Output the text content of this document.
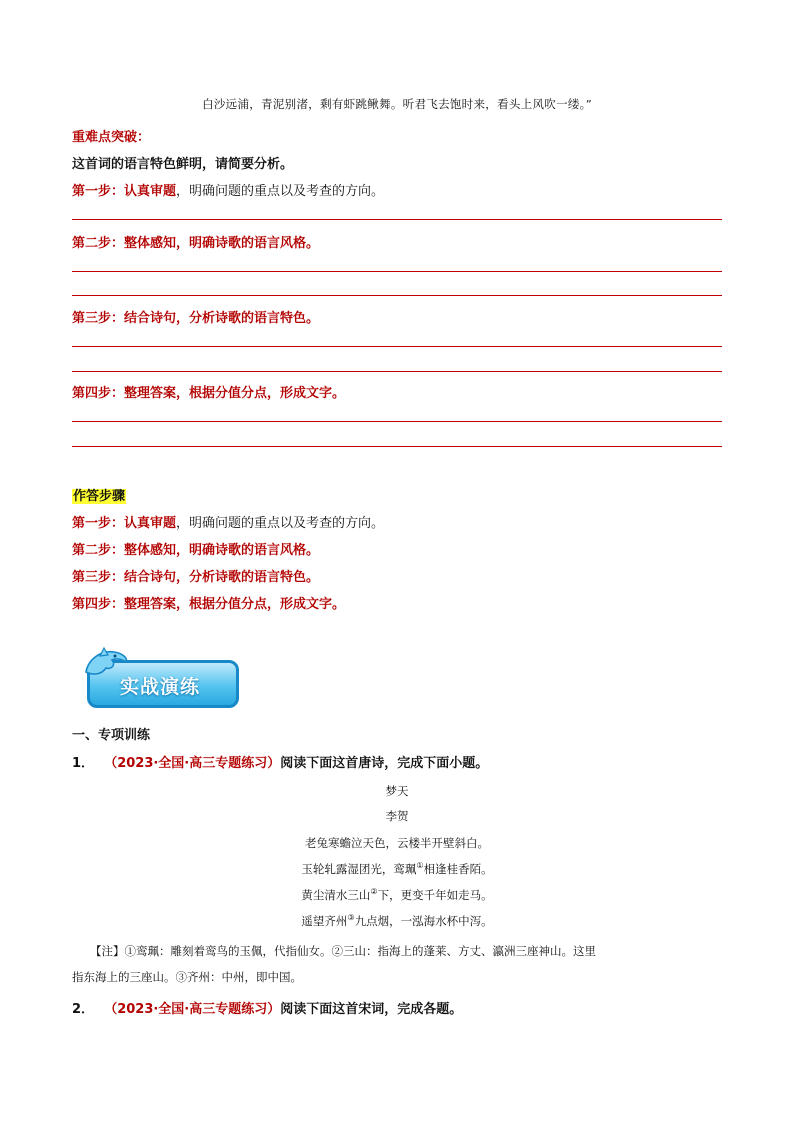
白沙远浦，青泥别渚，剩有虾跳鳅舞。听君飞去饱时来，看头上风吹一缕。”
重难点突破：
这首词的语言特色鲜明，请简要分析。
第一步：认真审题，明确问题的重点以及考查的方向。
第二步：整体感知，明确诗歌的语言风格。
第三步：结合诗句，分析诗歌的语言特色。
第四步：整理答案，根据分值分点，形成文字。
作答步骤
第一步：认真审题，明确问题的重点以及考查的方向。
第二步：整体感知，明确诗歌的语言风格。
第三步：结合诗句，分析诗歌的语言特色。
第四步：整理答案，根据分值分点，形成文字。
实战演练
一、专项训练
1． （2023·全国·高三专题练习）阅读下面这首唐诗，完成下面小题。
梦天
李贺
老兔寒蟾泣天色，云楼半开壁斜白。
玉轮轧露湿团光，鸾珮①相逢桂香陌。
黄尘清水三山②下，更变千年如走马。
遥望齐州③九点烟，一泓海水杯中泻。
【注】①鸾珮：雕刻着鸾鸟的玉佩，代指仙女。②三山：指海上的蓬莱、方丈、瀛洲三座神山。这里
指东海上的三座山。③齐州：中州，即中国。
2． （2023·全国·高三专题练习）阅读下面这首宋词，完成各题。
